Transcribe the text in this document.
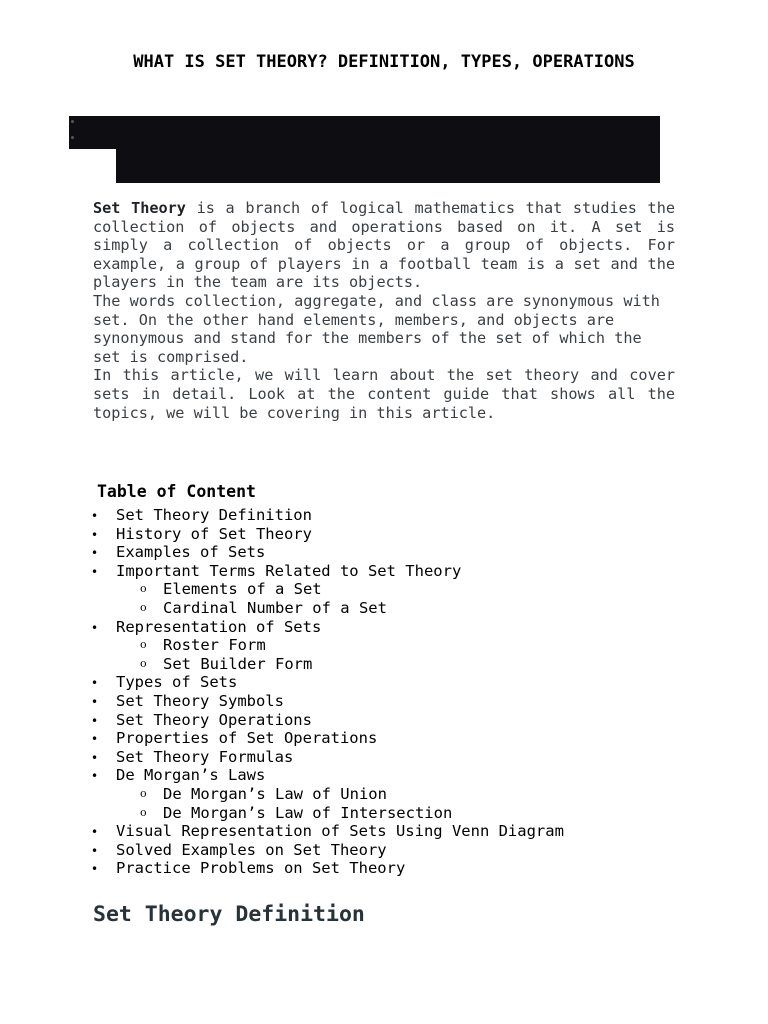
WHAT IS SET THEORY? DEFINITION, TYPES, OPERATIONS

Set Theory is a branch of logical mathematics that studies the collection of objects and operations based on it. A set is simply a collection of objects or a group of objects. For example, a group of players in a football team is a set and the players in the team are its objects.

The words collection, aggregate, and class are synonymous with set. On the other hand elements, members, and objects are synonymous and stand for the members of the set of which the set is comprised.

In this article, we will learn about the set theory and cover sets in detail. Look at the content guide that shows all the topics, we will be covering in this article.

Table of Content
• Set Theory Definition
• History of Set Theory
• Examples of Sets
• Important Terms Related to Set Theory
o Elements of a Set
o Cardinal Number of a Set
• Representation of Sets
o Roster Form
o Set Builder Form
• Types of Sets
• Set Theory Symbols
• Set Theory Operations
• Properties of Set Operations
• Set Theory Formulas
• De Morgan’s Laws
o De Morgan’s Law of Union
o De Morgan’s Law of Intersection
• Visual Representation of Sets Using Venn Diagram
• Solved Examples on Set Theory
• Practice Problems on Set Theory
Set Theory Definition
